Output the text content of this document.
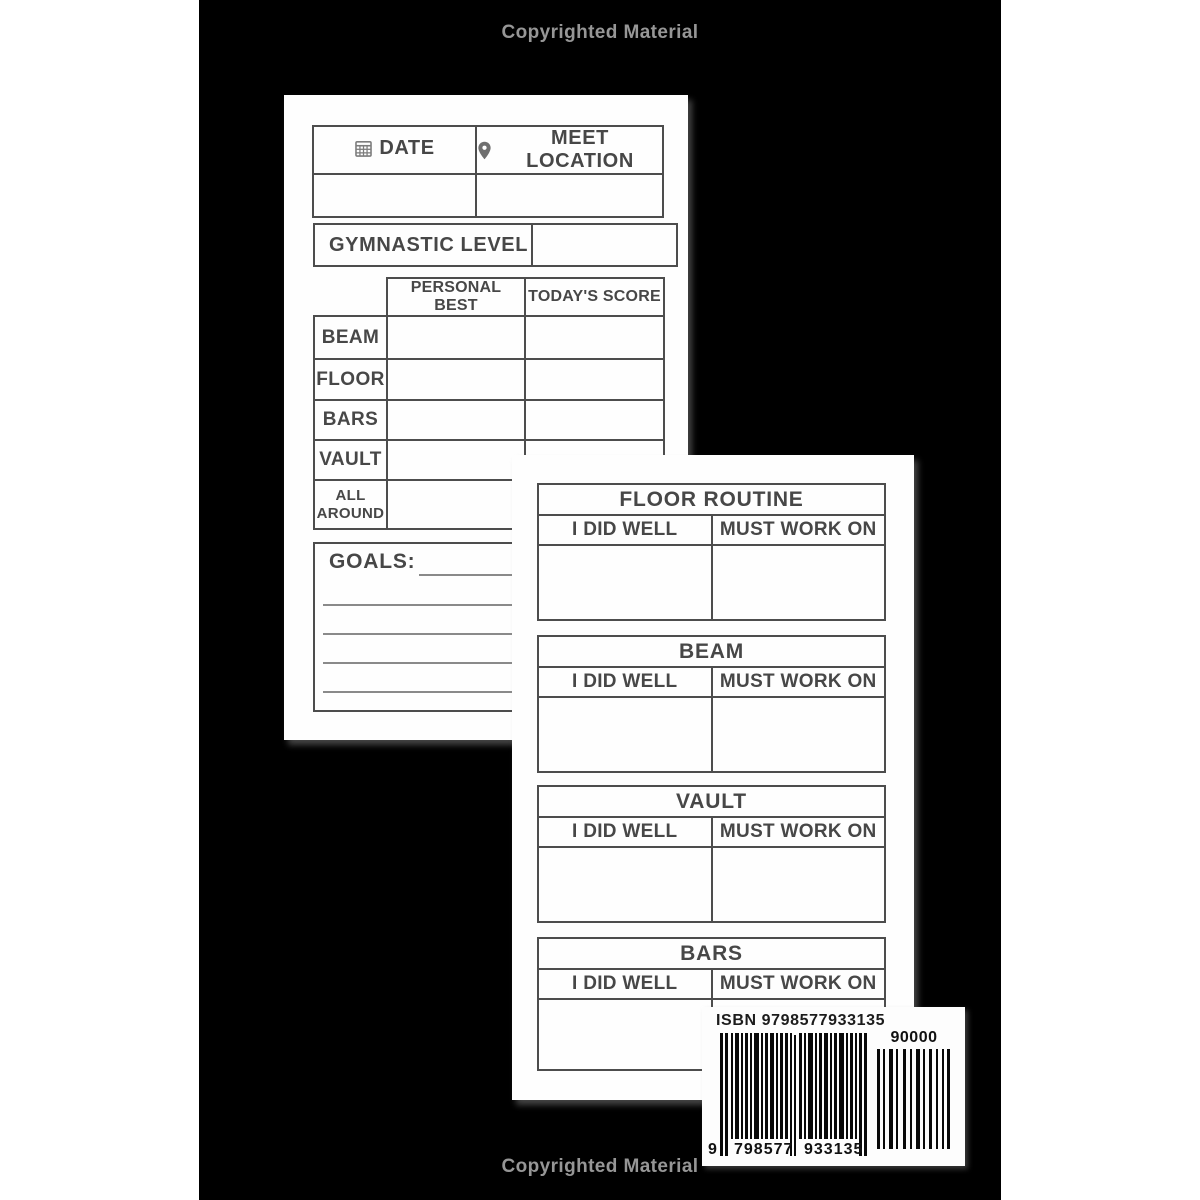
Copyrighted Material
DATE	MEET LOCATION

GYMNASTIC LEVEL	
	PERSONAL BEST	TODAY'S SCORE
BEAM		
FLOOR		
BARS		
VAULT		
ALL AROUND		
GOALS:
FLOOR ROUTINE	
I DID WELL	MUST WORK ON

BEAM	
I DID WELL	MUST WORK ON

VAULT	
I DID WELL	MUST WORK ON

BARS	
I DID WELL	MUST WORK ON

ISBN 9798577933135
9 798577 933135
90000
Copyrighted Material
